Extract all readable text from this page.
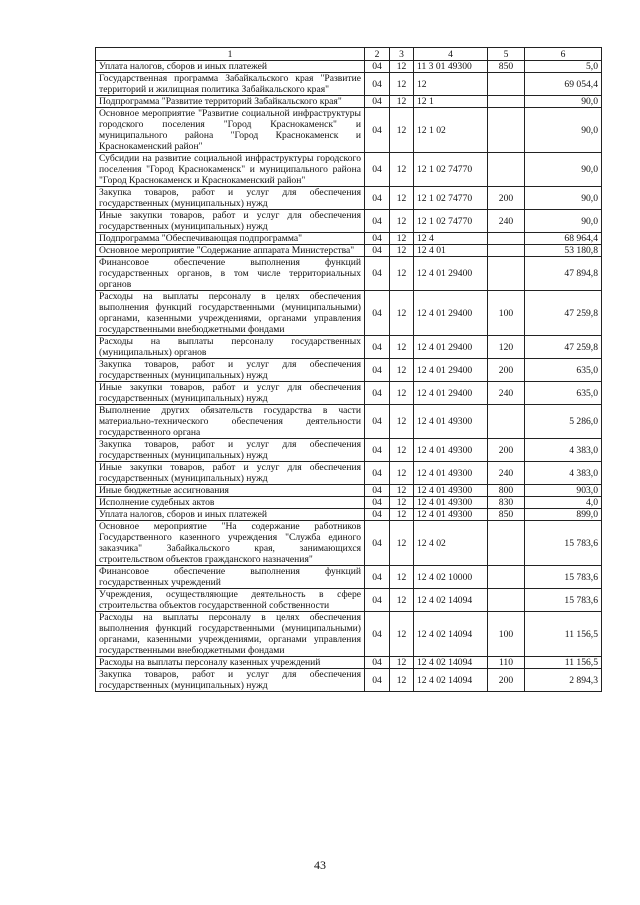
1	2	3	4	5	6
Уплата налогов, сборов и иных платежей	04	12	11 3 01 49300	850	5,0
Государственная программа Забайкальского края "Развитие территорий и жилищная политика Забайкальского края"	04	12	12		69 054,4
Подпрограмма "Развитие территорий Забайкальского края"	04	12	12 1		90,0
Основное мероприятие "Развитие социальной инфраструктуры городского поселения "Город Краснокаменск" и муниципального района "Город Краснокаменск и Краснокаменский район"	04	12	12 1 02		90,0
Субсидии на развитие социальной инфраструктуры городского поселения "Город Краснокаменск" и муниципального района "Город Краснокаменск и Краснокаменский район"	04	12	12 1 02 74770		90,0
Закупка товаров, работ и услуг для обеспечения государственных (муниципальных) нужд	04	12	12 1 02 74770	200	90,0
Иные закупки товаров, работ и услуг для обеспечения государственных (муниципальных) нужд	04	12	12 1 02 74770	240	90,0
Подпрограмма "Обеспечивающая подпрограмма"	04	12	12 4		68 964,4
Основное мероприятие "Содержание аппарата Министерства"	04	12	12 4 01		53 180,8
Финансовое обеспечение выполнения функций государственных органов, в том числе территориальных органов	04	12	12 4 01 29400		47 894,8
Расходы на выплаты персоналу в целях обеспечения выполнения функций государственными (муниципальными) органами, казенными учреждениями, органами управления государственными внебюджетными фондами	04	12	12 4 01 29400	100	47 259,8
Расходы на выплаты персоналу государственных (муниципальных) органов	04	12	12 4 01 29400	120	47 259,8
Закупка товаров, работ и услуг для обеспечения государственных (муниципальных) нужд	04	12	12 4 01 29400	200	635,0
Иные закупки товаров, работ и услуг для обеспечения государственных (муниципальных) нужд	04	12	12 4 01 29400	240	635,0
Выполнение других обязательств государства в части материально-технического обеспечения деятельности государственного органа	04	12	12 4 01 49300		5 286,0
Закупка товаров, работ и услуг для обеспечения государственных (муниципальных) нужд	04	12	12 4 01 49300	200	4 383,0
Иные закупки товаров, работ и услуг для обеспечения государственных (муниципальных) нужд	04	12	12 4 01 49300	240	4 383,0
Иные бюджетные ассигнования	04	12	12 4 01 49300	800	903,0
Исполнение судебных актов	04	12	12 4 01 49300	830	4,0
Уплата налогов, сборов и иных платежей	04	12	12 4 01 49300	850	899,0
Основное мероприятие "На содержание работников Государственного казенного учреждения "Служба единого заказчика" Забайкальского края, занимающихся строительством объектов гражданского назначения"	04	12	12 4 02		15 783,6
Финансовое обеспечение выполнения функций государственных учреждений	04	12	12 4 02 10000		15 783,6
Учреждения, осуществляющие деятельность в сфере строительства объектов государственной собственности	04	12	12 4 02 14094		15 783,6
Расходы на выплаты персоналу в целях обеспечения выполнения функций государственными (муниципальными) органами, казенными учреждениями, органами управления государственными внебюджетными фондами	04	12	12 4 02 14094	100	11 156,5
Расходы на выплаты персоналу казенных учреждений	04	12	12 4 02 14094	110	11 156,5
Закупка товаров, работ и услуг для обеспечения государственных (муниципальных) нужд	04	12	12 4 02 14094	200	2 894,3
43
